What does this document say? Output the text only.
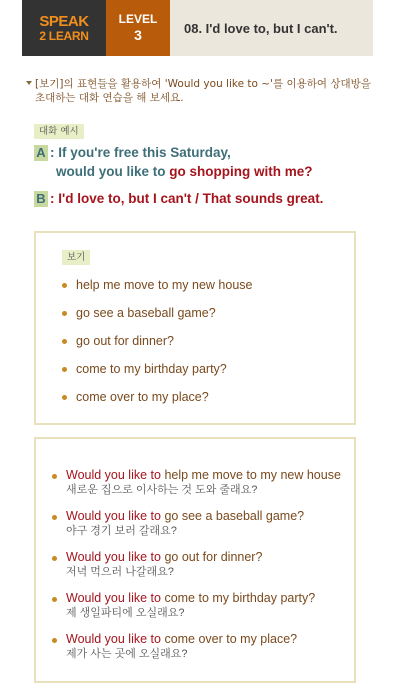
SPEAK
2 LEARN
LEVEL
3	08. I'd love to, but I can't.
[보기]의 표현들을 활용하여 'Would you like to ~'를 이용하여 상대방을 초대하는 대화 연습을 해 보세요.
대화 예시
A : If you're free this Saturday,
would you like to go shopping with me?
B : I'd love to, but I can't / That sounds great.
보기
help me move to my new house
go see a baseball game?
go out for dinner?
come to my birthday party?
come over to my place?
Would you like to help me move to my new house
새로운 집으로 이사하는 것 도와 줄래요?
Would you like to go see a baseball game?
야구 경기 보러 갈래요?
Would you like to go out for dinner?
저녁 먹으러 나갈래요?
Would you like to come to my birthday party?
제 생일파티에 오실래요?
Would you like to come over to my place?
제가 사는 곳에 오실래요?
